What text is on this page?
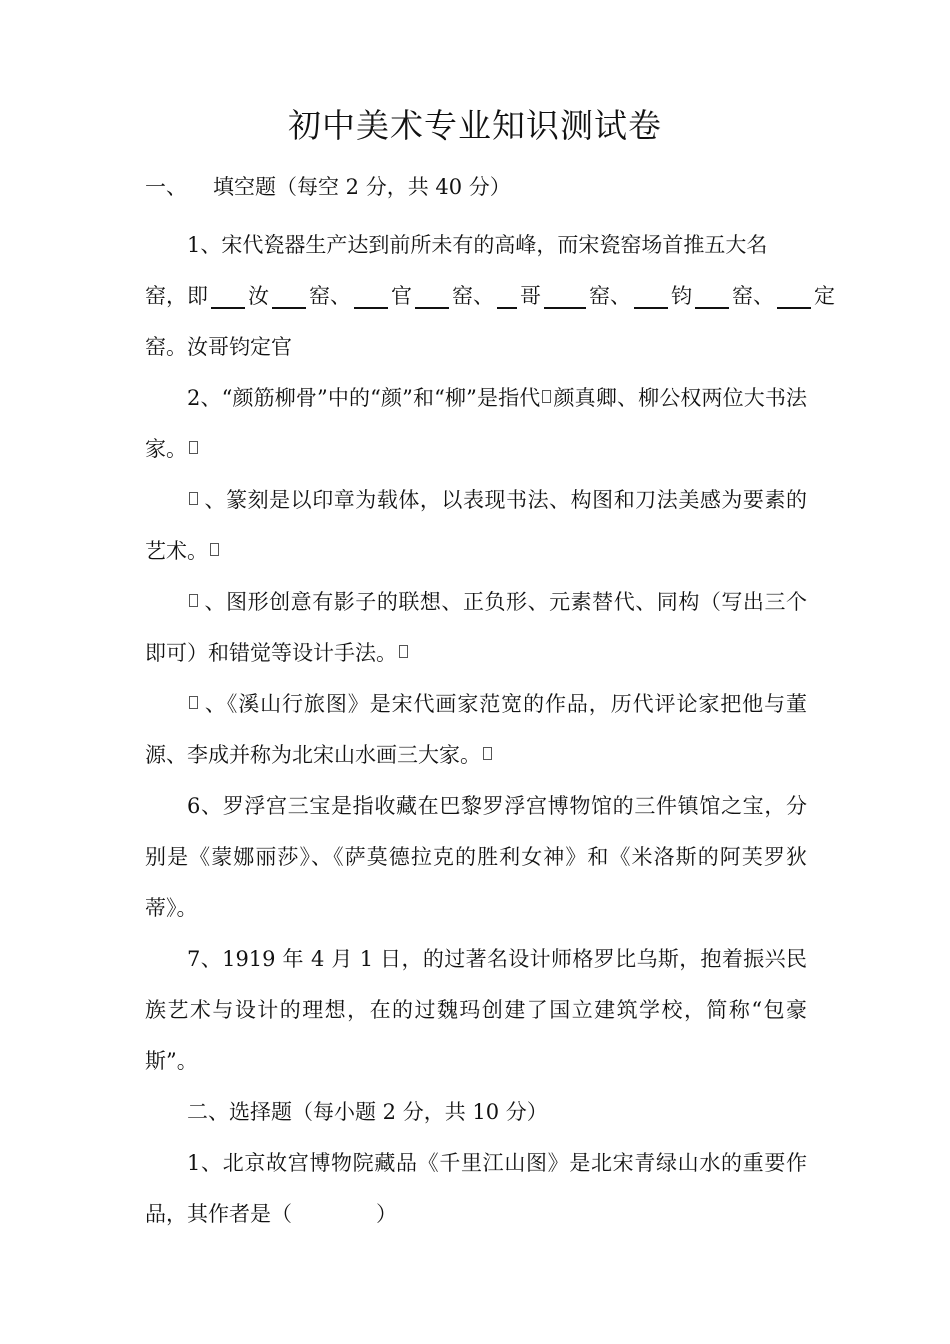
初中美术专业知识测试卷
一、 填空题（每空 2 分，共 40 分）

1、宋代瓷器生产达到前所未有的高峰，而宋瓷窑场首推五大名

窑，即	汝 窑、	官 窑、	哥 窑、	钧 窑、	定

窑。汝哥钧定官

2、“颜筋柳骨”中的“颜”和“柳”是指代 颜真卿、柳公权两位大书法家。

、篆刻是以印章为载体，以表现书法、构图和刀法美感为要素的艺术。

、图形创意有影子的联想、正负形、元素替代、同构（写出三个即可）和错觉等设计手法。

、《溪山行旅图》是宋代画家范宽的作品，历代评论家把他与董源、李成并称为北宋山水画三大家。

6、罗浮宫三宝是指收藏在巴黎罗浮宫博物馆的三件镇馆之宝，分别是《蒙娜丽莎》、《萨莫德拉克的胜利女神》和《米洛斯的阿芙罗狄蒂》。

7、1919 年 4 月 1 日，的过著名设计师格罗比乌斯，抱着振兴民族艺术与设计的理想，在的过魏玛创建了国立建筑学校，简称“包豪斯”。

二、选择题（每小题 2 分，共 10 分）

1、北京故宫博物院藏品《千里江山图》是北宋青绿山水的重要作品，其作者是（　　　　）
